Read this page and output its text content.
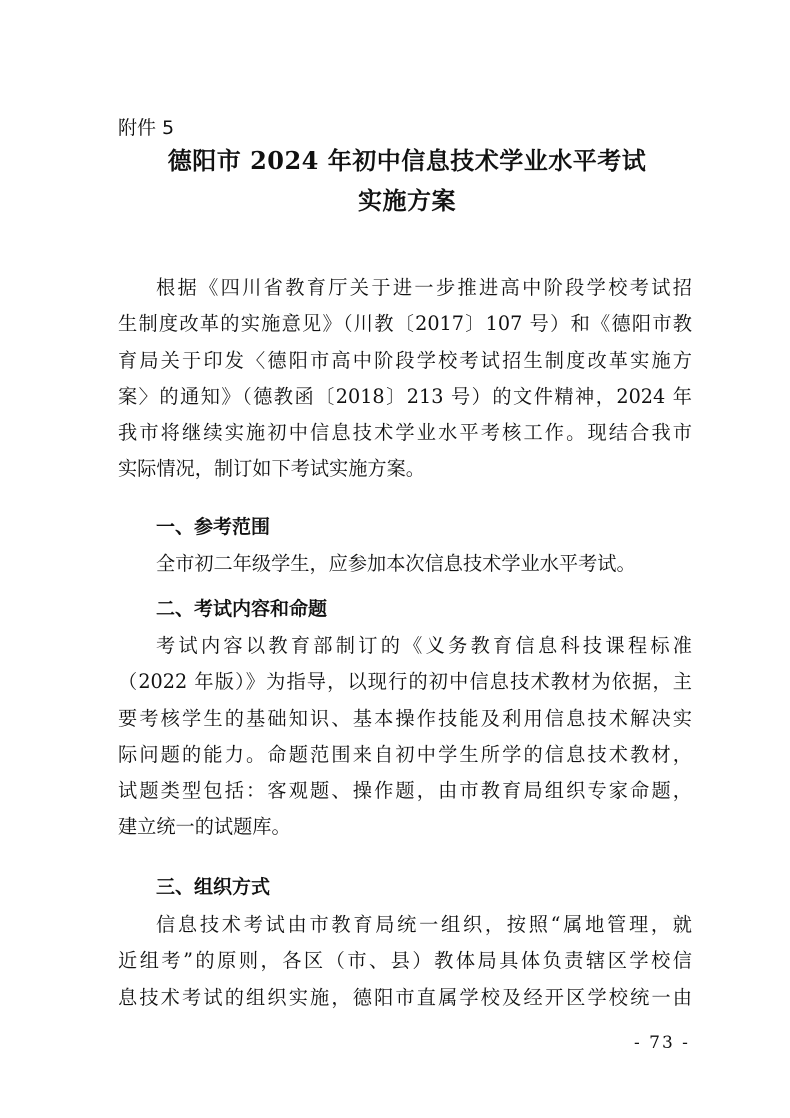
附件 5
德阳市 2024 年初中信息技术学业水平考试
实施方案
根据《四川省教育厅关于进一步推进高中阶段学校考试招
生制度改革的实施意见》（川教〔2017〕107 号）和《德阳市教
育局关于印发〈德阳市高中阶段学校考试招生制度改革实施方
案〉的通知》（德教函〔2018〕213 号）的文件精神，2024 年
我市将继续实施初中信息技术学业水平考核工作。现结合我市
实际情况，制订如下考试实施方案。
一、参考范围
全市初二年级学生，应参加本次信息技术学业水平考试。
二、考试内容和命题
考试内容以教育部制订的《义务教育信息科技课程标准
（2022 年版）》为指导，以现行的初中信息技术教材为依据，主
要考核学生的基础知识、基本操作技能及利用信息技术解决实
际问题的能力。命题范围来自初中学生所学的信息技术教材，
试题类型包括：客观题、操作题，由市教育局组织专家命题，
建立统一的试题库。
三、组织方式
信息技术考试由市教育局统一组织，按照“属地管理，就
近组考”的原则，各区（市、县）教体局具体负责辖区学校信
息技术考试的组织实施，德阳市直属学校及经开区学校统一由
- 73 -
